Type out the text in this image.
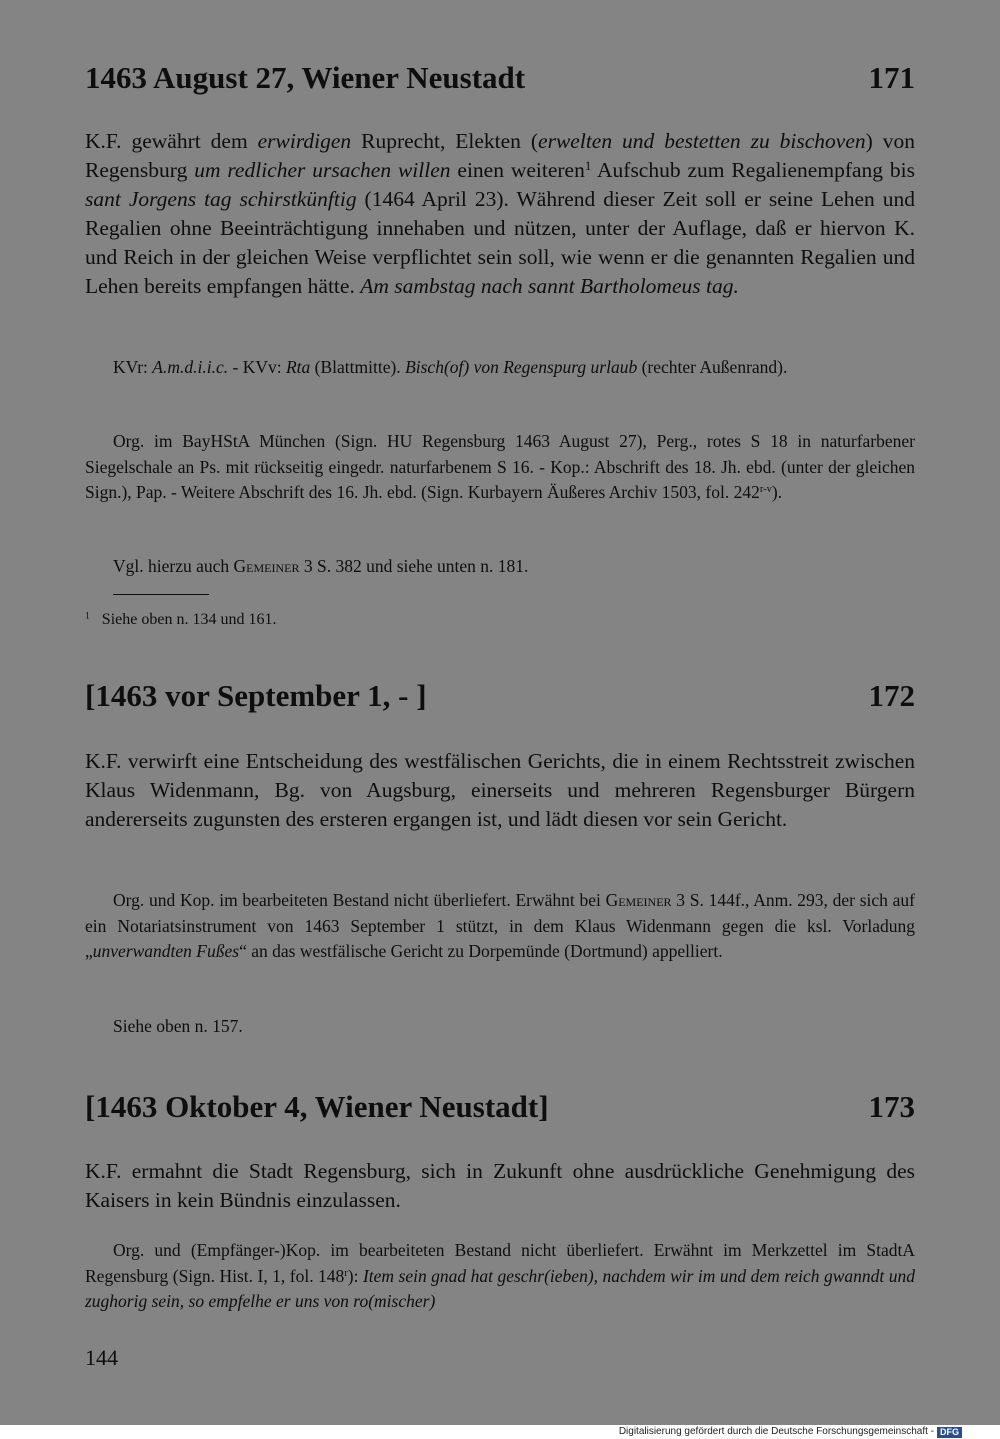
1463 August 27, Wiener Neustadt	171
K.F. gewährt dem erwirdigen Ruprecht, Elekten (erwelten und bestetten zu bischoven) von Regensburg um redlicher ursachen willen einen weiteren$^1$ Aufschub zum Regalienempfang bis sant Jorgens tag schirstkünftig (1464 April 23). Während dieser Zeit soll er seine Lehen und Regalien ohne Beeinträchtigung innehaben und nützen, unter der Auflage, daß er hiervon K. und Reich in der gleichen Weise verpflichtet sein soll, wie wenn er die genannten Regalien und Lehen bereits empfangen hätte. Am sambstag nach sannt Bartholomeus tag.
KVr: A.m.d.i.i.c. - KVv: Rta (Blattmitte). Bisch(of) von Regenspurg urlaub (rechter Außenrand).
Org. im BayHStA München (Sign. HU Regensburg 1463 August 27), Perg., rotes S 18 in naturfarbener Siegelschale an Ps. mit rückseitig eingedr. naturfarbenem S 16. - Kop.: Abschrift des 18. Jh. ebd. (unter der gleichen Sign.), Pap. - Weitere Abschrift des 16. Jh. ebd. (Sign. Kurbayern Äußeres Archiv 1503, fol. 242$^{r-v}$).
Vgl. hierzu auch Gemeiner 3 S. 382 und siehe unten n. 181.
$^1$ Siehe oben n. 134 und 161.
[1463 vor September 1, - ]	172
K.F. verwirft eine Entscheidung des westfälischen Gerichts, die in einem Rechtsstreit zwischen Klaus Widenmann, Bg. von Augsburg, einerseits und mehreren Regensburger Bürgern andererseits zugunsten des ersteren ergangen ist, und lädt diesen vor sein Gericht.
Org. und Kop. im bearbeiteten Bestand nicht überliefert. Erwähnt bei Gemeiner 3 S. 144f., Anm. 293, der sich auf ein Notariatsinstrument von 1463 September 1 stützt, in dem Klaus Widenmann gegen die ksl. Vorladung „unverwandten Fußes“ an das westfälische Gericht zu Dorpemünde (Dortmund) appelliert.
Siehe oben n. 157.
[1463 Oktober 4, Wiener Neustadt]	173
K.F. ermahnt die Stadt Regensburg, sich in Zukunft ohne ausdrückliche Genehmigung des Kaisers in kein Bündnis einzulassen.
Org. und (Empfänger-)Kop. im bearbeiteten Bestand nicht überliefert. Erwähnt im Merkzettel im StadtA Regensburg (Sign. Hist. I, 1, fol. 148$^r$): Item sein gnad hat geschr(ieben), nachdem wir im und dem reich gwanndt und zughorig sein, so empfelhe er uns von ro(mischer)
144
Digitalisierung gefördert durch die Deutsche Forschungsgemeinschaft - DFG
